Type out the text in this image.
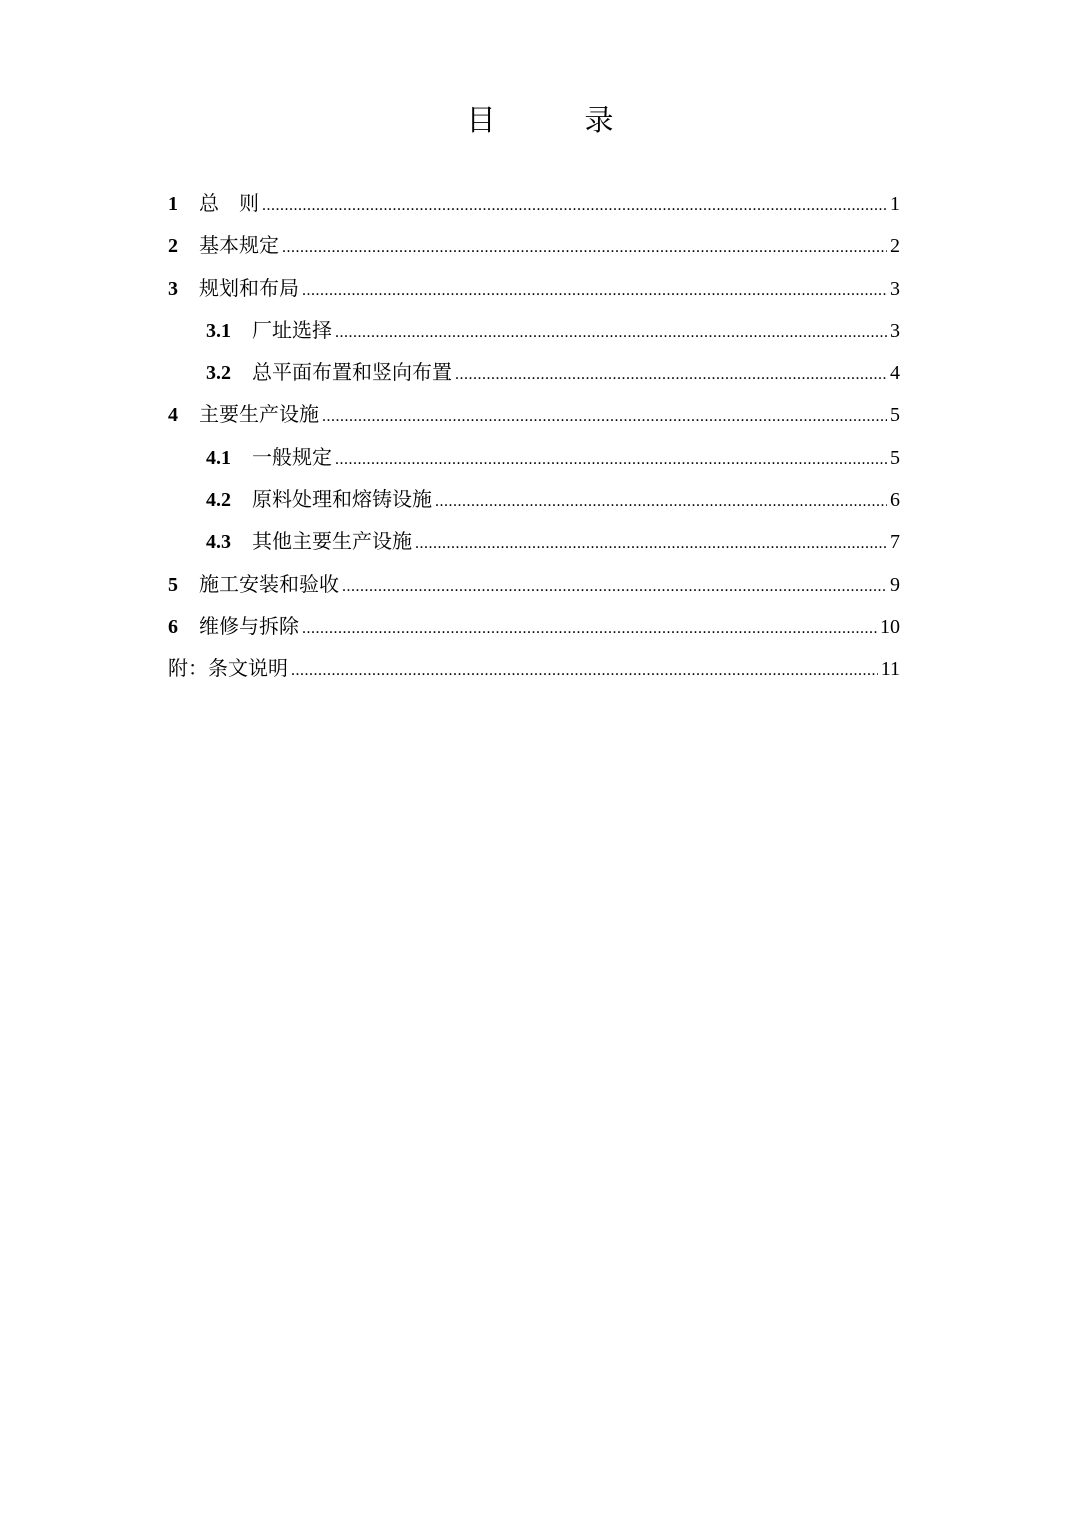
目　录
1	总　则 .....	1
2	基本规定 .....	2
3	规划和布局 .....	3
3.1	厂址选择 .....	3
3.2	总平面布置和竖向布置 .....	4
4	主要生产设施 .....	5
4.1	一般规定 .....	5
4.2	原料处理和熔铸设施 .....	6
4.3	其他主要生产设施 .....	7
5	施工安装和验收 .....	9
6	维修与拆除 .....	10
附：条文说明 .....	11
